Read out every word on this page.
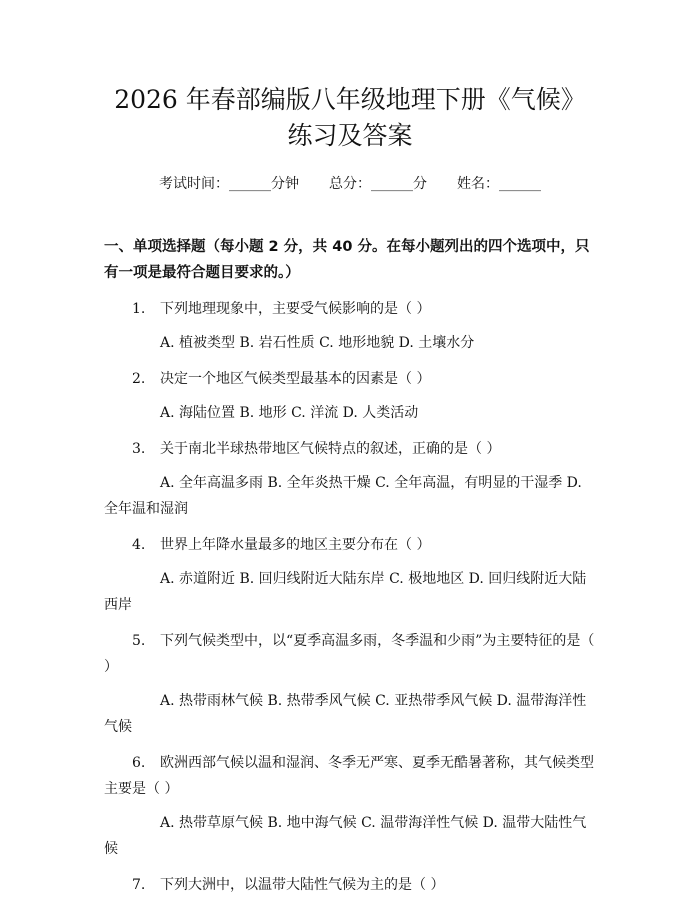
2026 年春部编版八年级地理下册《气候》练习及答案
考试时间：______分钟 总分：______分 姓名：______
一、单项选择题（每小题 2 分，共 40 分。在每小题列出的四个选项中，只有一项是最符合题目要求的。）
1. 下列地理现象中，主要受气候影响的是（ ）
A. 植被类型 B. 岩石性质 C. 地形地貌 D. 土壤水分
2. 决定一个地区气候类型最基本的因素是（ ）
A. 海陆位置 B. 地形 C. 洋流 D. 人类活动
3. 关于南北半球热带地区气候特点的叙述，正确的是（ ）
A. 全年高温多雨 B. 全年炎热干燥 C. 全年高温，有明显的干湿季 D. 全年温和湿润
4. 世界上年降水量最多的地区主要分布在（ ）
A. 赤道附近 B. 回归线附近大陆东岸 C. 极地地区 D. 回归线附近大陆西岸
5. 下列气候类型中，以“夏季高温多雨，冬季温和少雨”为主要特征的是（ ）
A. 热带雨林气候 B. 热带季风气候 C. 亚热带季风气候 D. 温带海洋性气候
6. 欧洲西部气候以温和湿润、冬季无严寒、夏季无酷暑著称，其气候类型主要是（ ）
A. 热带草原气候 B. 地中海气候 C. 温带海洋性气候 D. 温带大陆性气候
7. 下列大洲中，以温带大陆性气候为主的是（ ）
